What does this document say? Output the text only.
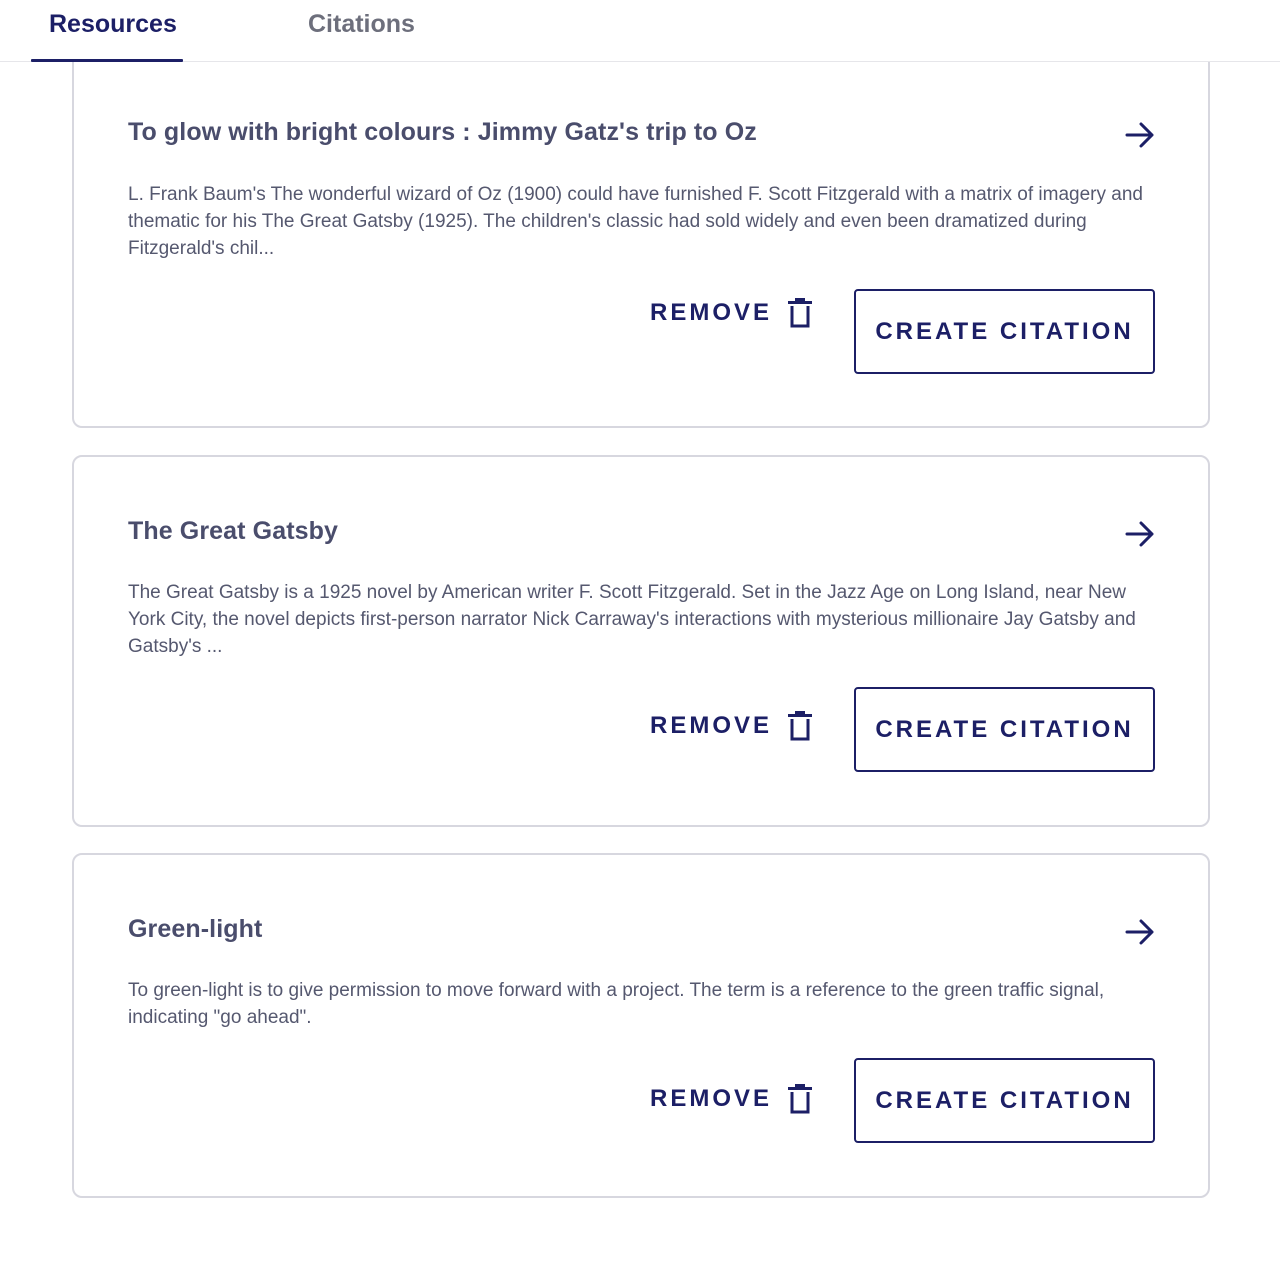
To glow with bright colours : Jimmy Gatz's trip to Oz
L. Frank Baum's The wonderful wizard of Oz (1900) could have furnished F. Scott Fitzgerald with a matrix of imagery and thematic for his The Great Gatsby (1925). The children's classic had sold widely and even been dramatized during Fitzgerald's chil...
REMOVE
CREATE CITATION
The Great Gatsby
The Great Gatsby is a 1925 novel by American writer F. Scott Fitzgerald. Set in the Jazz Age on Long Island, near New York City, the novel depicts first-person narrator Nick Carraway's interactions with mysterious millionaire Jay Gatsby and Gatsby's ...
REMOVE	CREATE CITATION
Green-light
To green-light is to give permission to move forward with a project. The term is a reference to the green traffic signal, indicating "go ahead".
REMOVE	CREATE CITATION
Resources	Citations
